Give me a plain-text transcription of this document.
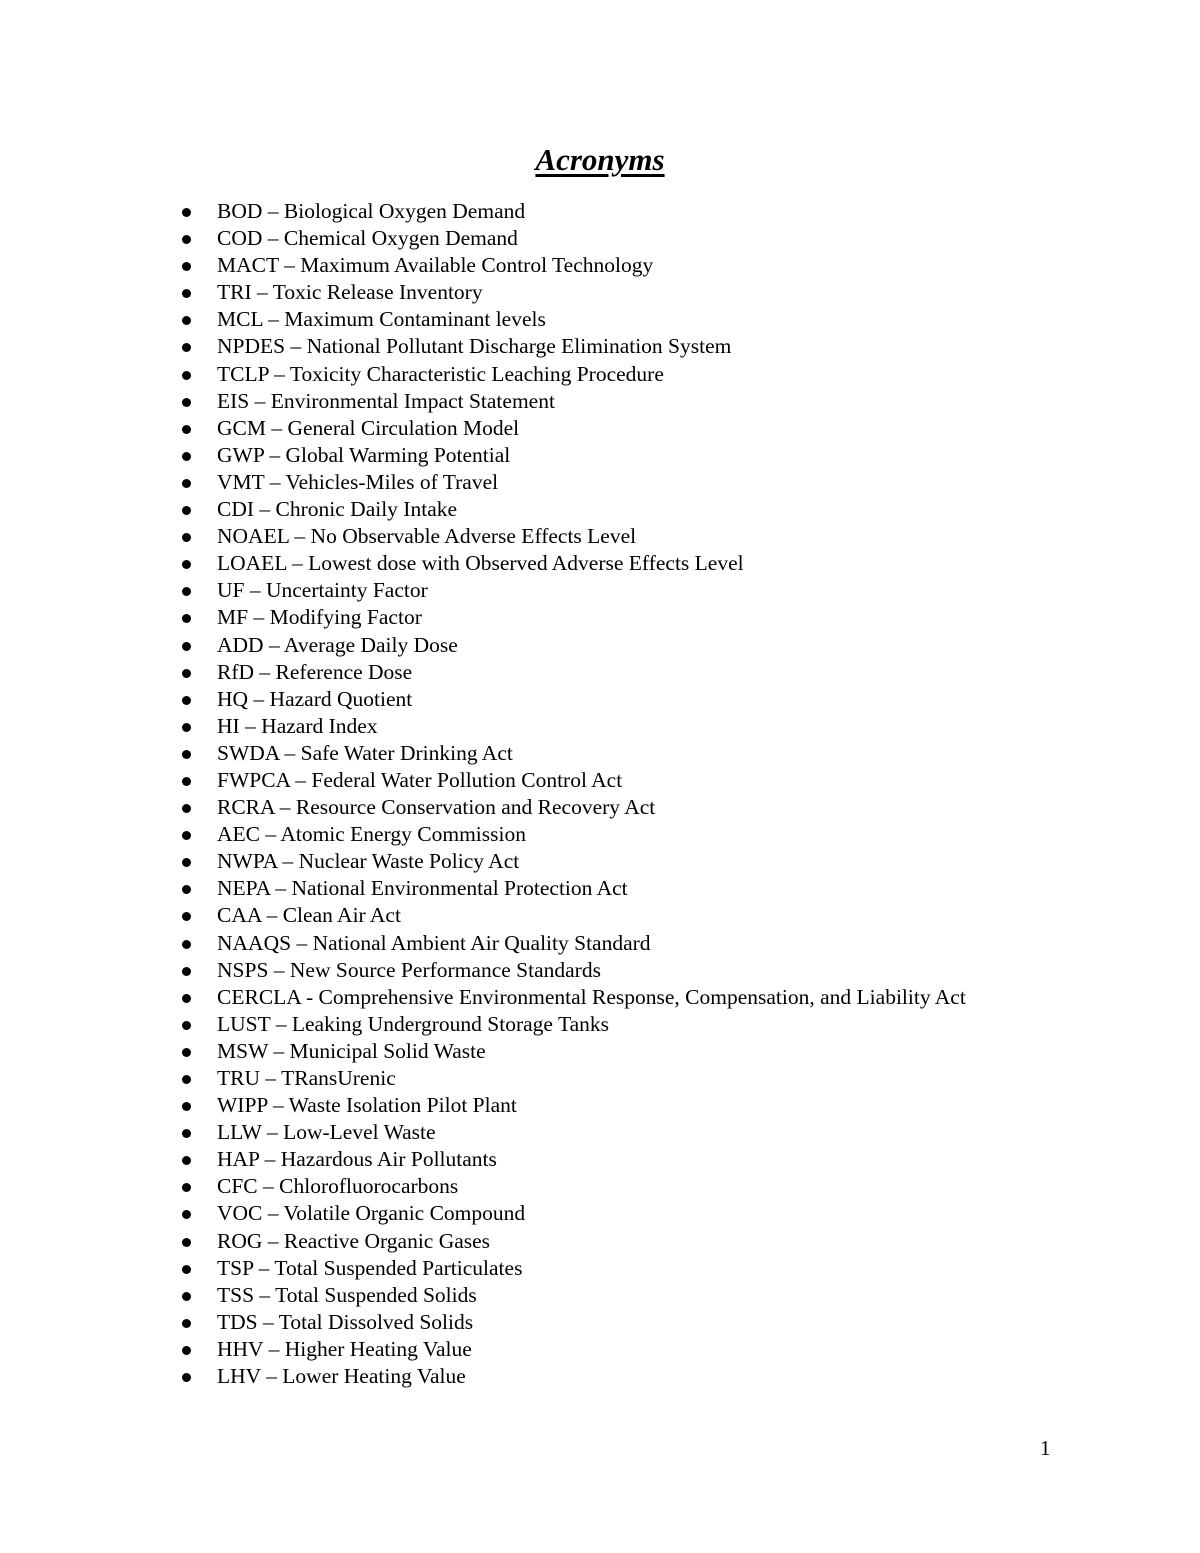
Acronyms
BOD – Biological Oxygen Demand
COD – Chemical Oxygen Demand
MACT – Maximum Available Control Technology
TRI – Toxic Release Inventory
MCL – Maximum Contaminant levels
NPDES – National Pollutant Discharge Elimination System
TCLP – Toxicity Characteristic Leaching Procedure
EIS – Environmental Impact Statement
GCM – General Circulation Model
GWP – Global Warming Potential
VMT – Vehicles-Miles of Travel
CDI – Chronic Daily Intake
NOAEL – No Observable Adverse Effects Level
LOAEL – Lowest dose with Observed Adverse Effects Level
UF – Uncertainty Factor
MF – Modifying Factor
ADD – Average Daily Dose
RfD – Reference Dose
HQ – Hazard Quotient
HI – Hazard Index
SWDA – Safe Water Drinking Act
FWPCA – Federal Water Pollution Control Act
RCRA – Resource Conservation and Recovery Act
AEC – Atomic Energy Commission
NWPA – Nuclear Waste Policy Act
NEPA – National Environmental Protection Act
CAA – Clean Air Act
NAAQS – National Ambient Air Quality Standard
NSPS – New Source Performance Standards
CERCLA - Comprehensive Environmental Response, Compensation, and Liability Act
LUST – Leaking Underground Storage Tanks
MSW – Municipal Solid Waste
TRU – TRansUrenic
WIPP – Waste Isolation Pilot Plant
LLW – Low-Level Waste
HAP – Hazardous Air Pollutants
CFC – Chlorofluorocarbons
VOC – Volatile Organic Compound
ROG – Reactive Organic Gases
TSP – Total Suspended Particulates
TSS – Total Suspended Solids
TDS – Total Dissolved Solids
HHV – Higher Heating Value
LHV – Lower Heating Value
1
